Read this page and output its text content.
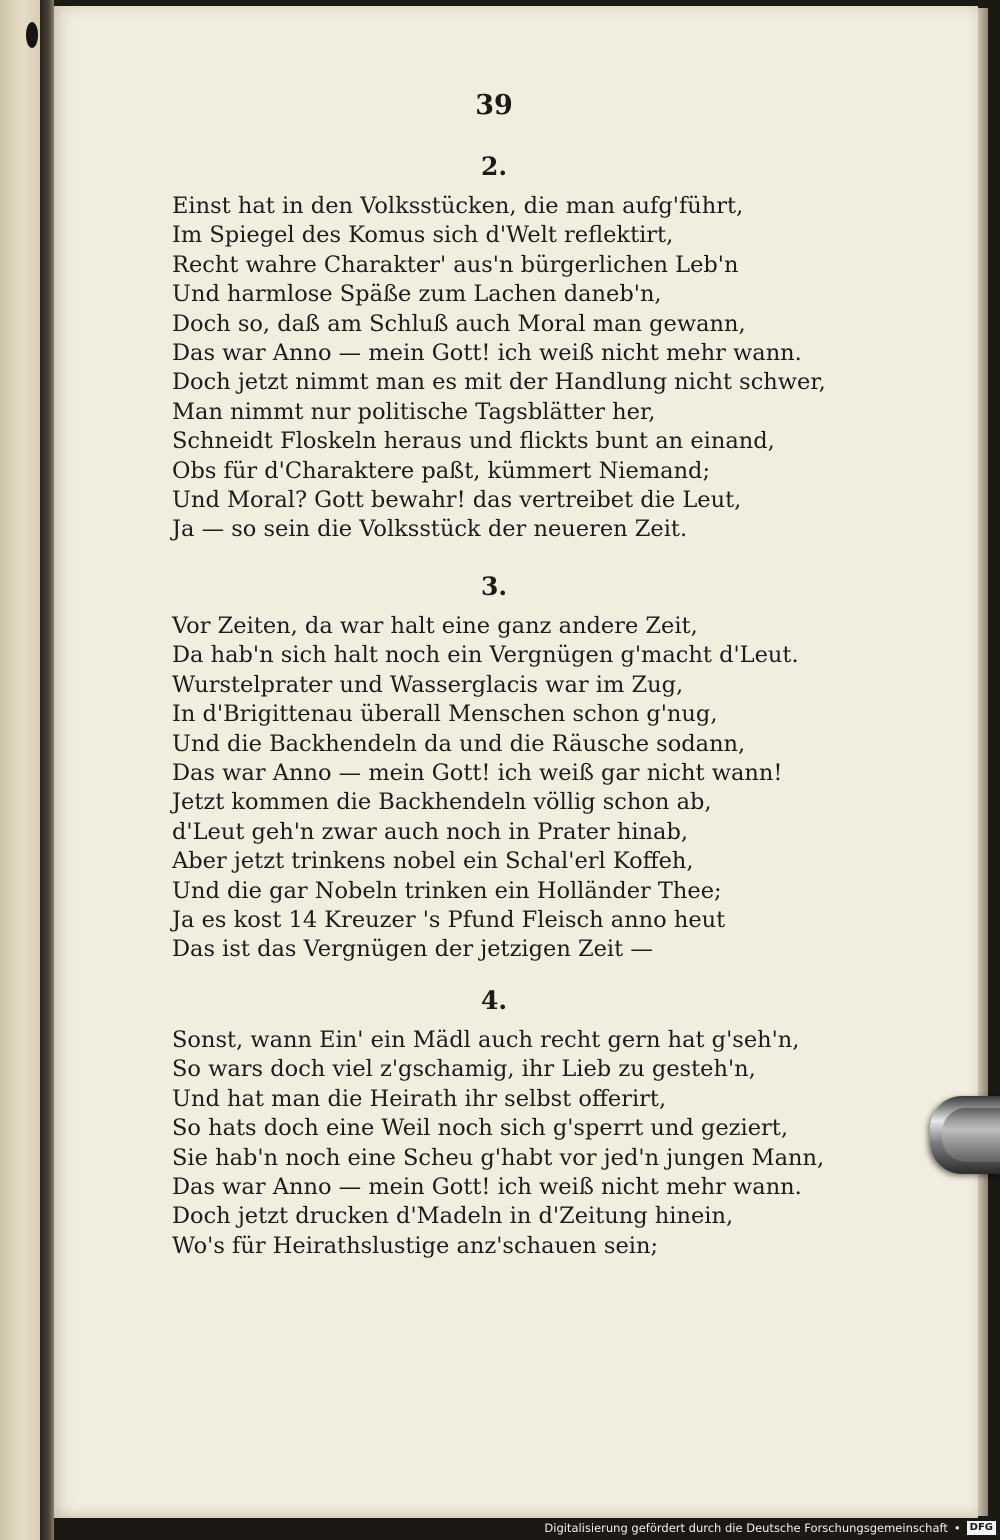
39
2.
Einst hat in den Volksstücken, die man aufg'führt,
Im Spiegel des Komus sich d'Welt reflektirt,
Recht wahre Charakter' aus'n bürgerlichen Leb'n
Und harmlose Späße zum Lachen daneb'n,
Doch so, daß am Schluß auch Moral man gewann,
Das war Anno — mein Gott! ich weiß nicht mehr wann.
Doch jetzt nimmt man es mit der Handlung nicht schwer,
Man nimmt nur politische Tagsblätter her,
Schneidt Floskeln heraus und flickts bunt an einand,
Obs für d'Charaktere paßt, kümmert Niemand;
Und Moral? Gott bewahr! das vertreibet die Leut,
Ja — so sein die Volksstück der neueren Zeit.
3.
Vor Zeiten, da war halt eine ganz andere Zeit,
Da hab'n sich halt noch ein Vergnügen g'macht d'Leut.
Wurstelprater und Wasserglacis war im Zug,
In d'Brigittenau überall Menschen schon g'nug,
Und die Backhendeln da und die Räusche sodann,
Das war Anno — mein Gott! ich weiß gar nicht wann!
Jetzt kommen die Backhendeln völlig schon ab,
d'Leut geh'n zwar auch noch in Prater hinab,
Aber jetzt trinkens nobel ein Schal'erl Koffeh,
Und die gar Nobeln trinken ein Holländer Thee;
Ja es kost 14 Kreuzer 's Pfund Fleisch anno heut
Das ist das Vergnügen der jetzigen Zeit —
4.
Sonst, wann Ein' ein Mädl auch recht gern hat g'seh'n,
So wars doch viel z'gschamig, ihr Lieb zu gesteh'n,
Und hat man die Heirath ihr selbst offerirt,
So hats doch eine Weil noch sich g'sperrt und geziert,
Sie hab'n noch eine Scheu g'habt vor jed'n jungen Mann,
Das war Anno — mein Gott! ich weiß nicht mehr wann.
Doch jetzt drucken d'Madeln in d'Zeitung hinein,
Wo's für Heirathslustige anz'schauen sein;
Digitalisierung gefördert durch die Deutsche Forschungsgemeinschaft • DFG
